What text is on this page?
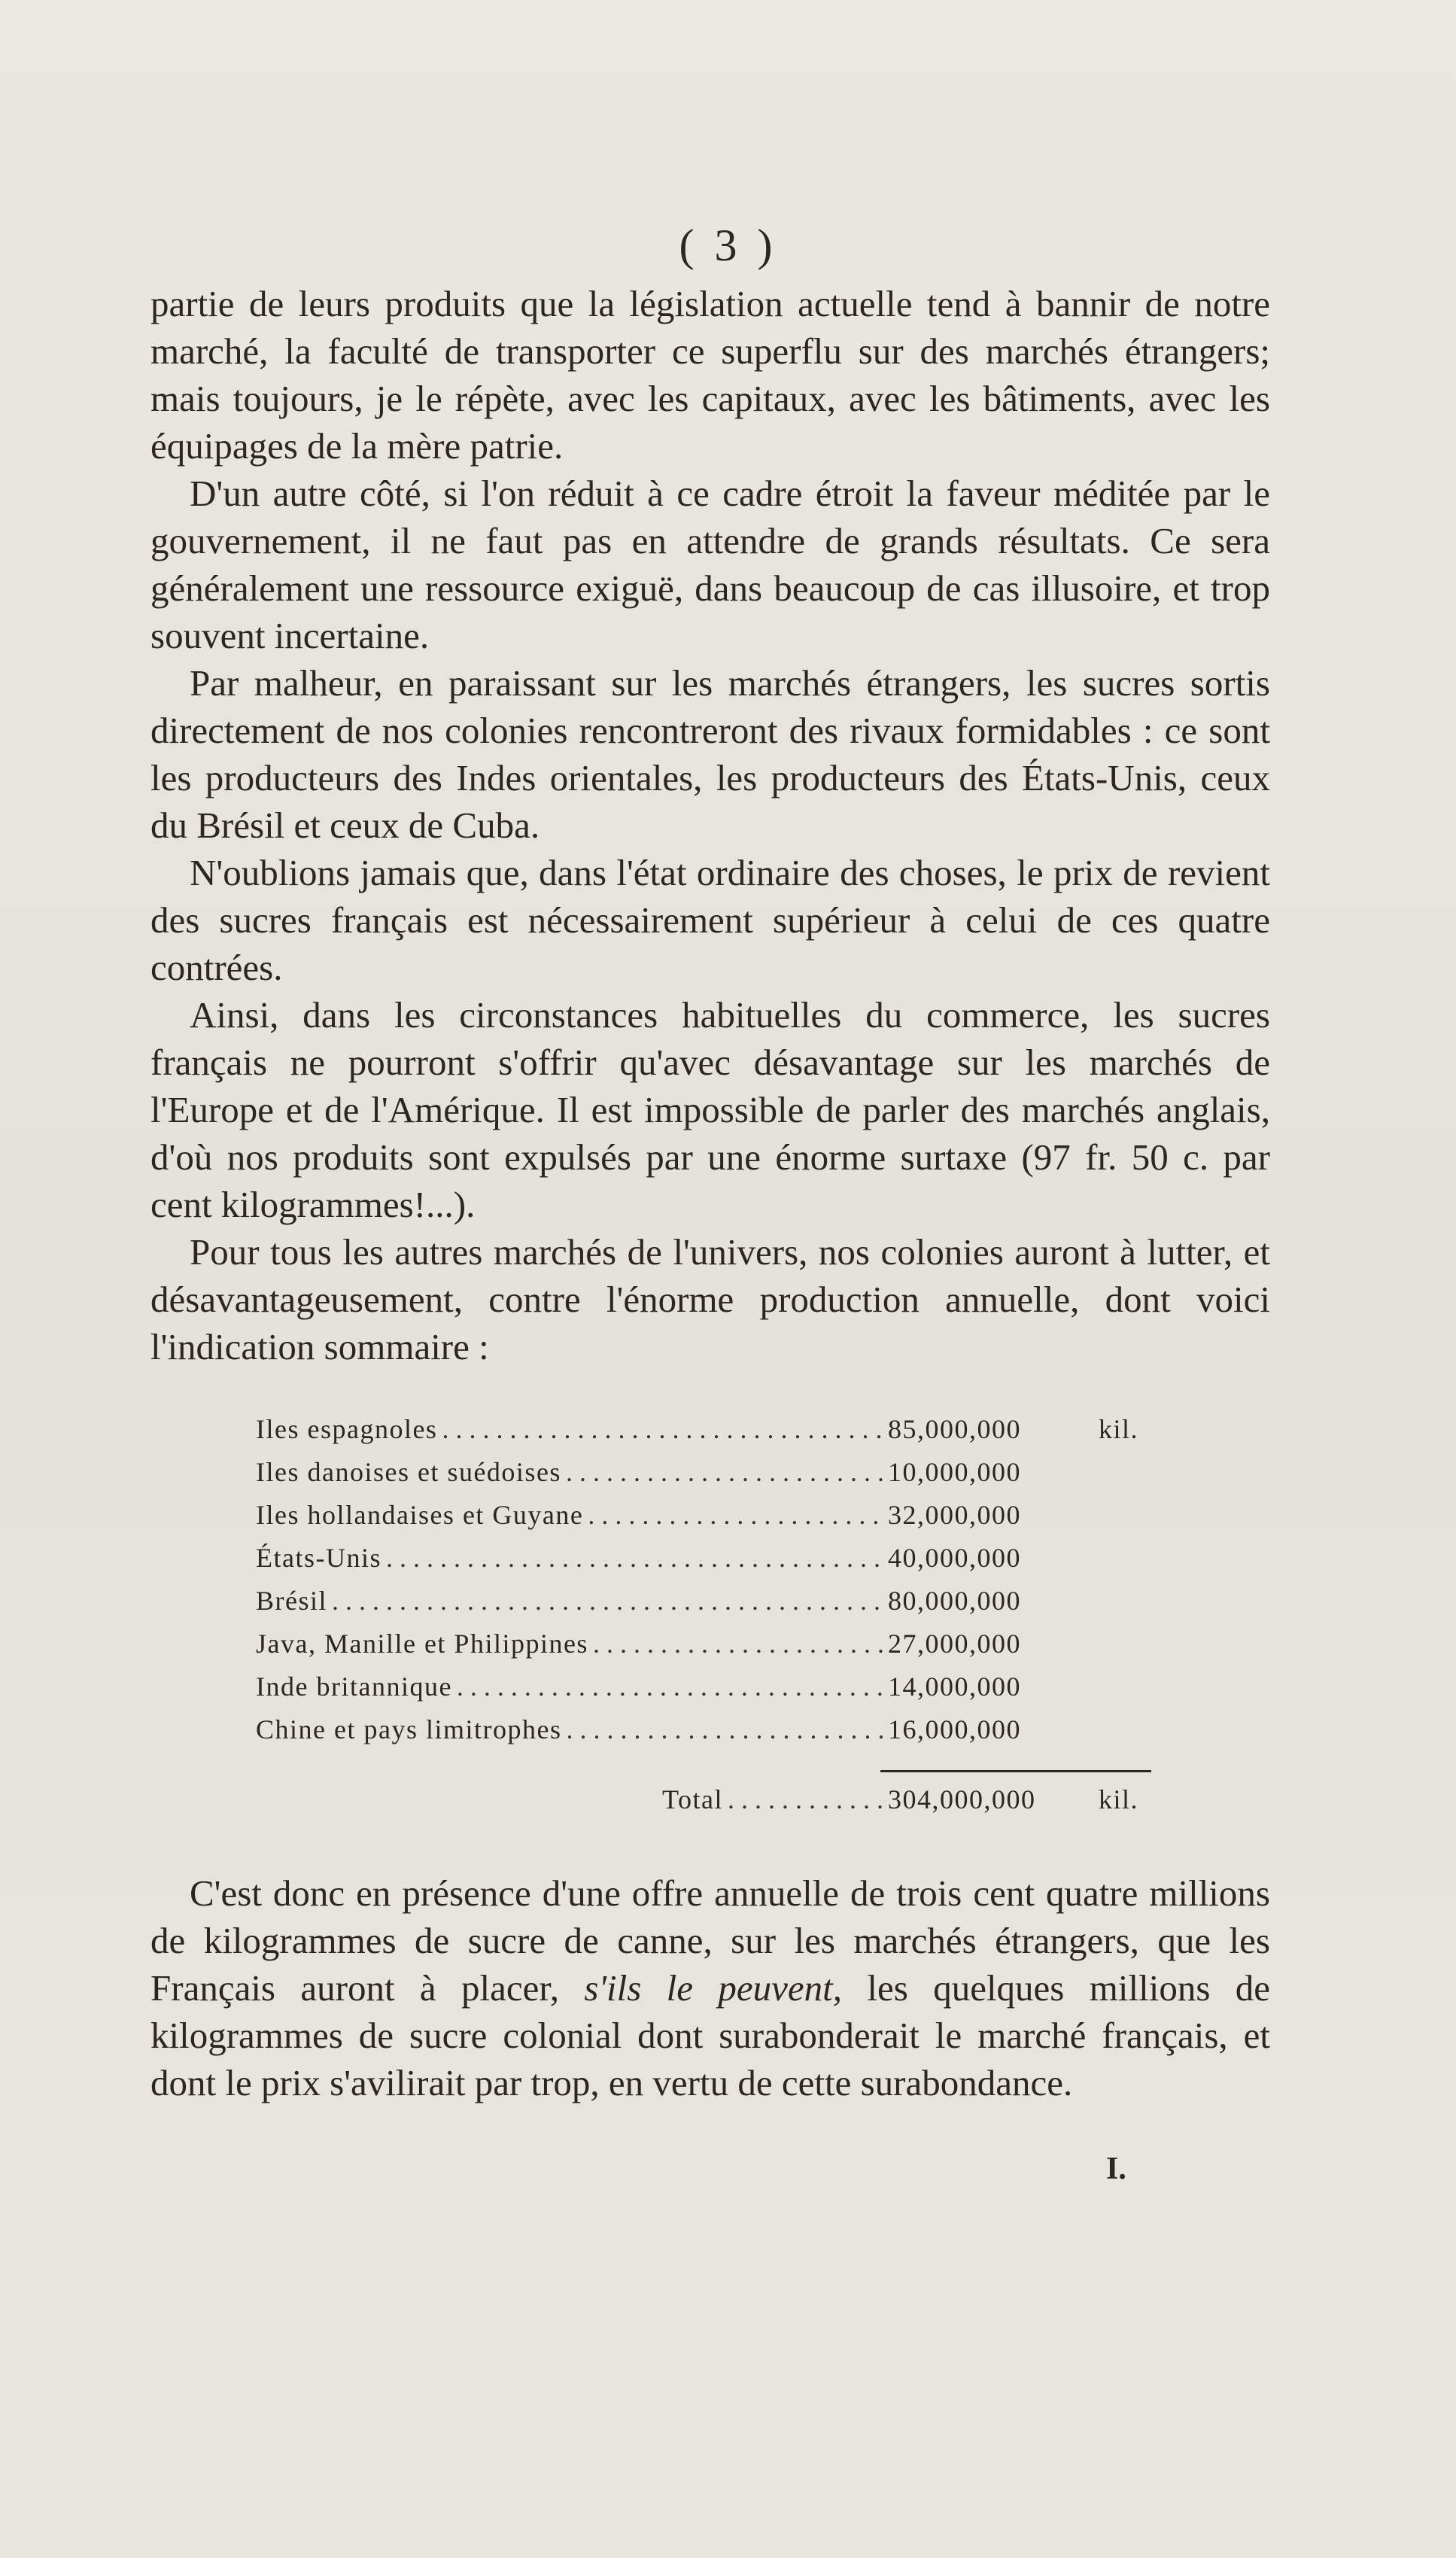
( 3 )

partie de leurs produits que la législation actuelle tend à bannir de notre marché, la faculté de transporter ce superflu sur des marchés étrangers; mais toujours, je le répète, avec les capitaux, avec les bâtiments, avec les équipages de la mère patrie.

D'un autre côté, si l'on réduit à ce cadre étroit la faveur méditée par le gouvernement, il ne faut pas en attendre de grands résultats. Ce sera généralement une ressource exiguë, dans beaucoup de cas illusoire, et trop souvent incertaine.

Par malheur, en paraissant sur les marchés étrangers, les sucres sortis directement de nos colonies rencontreront des rivaux formidables : ce sont les producteurs des Indes orientales, les producteurs des États-Unis, ceux du Brésil et ceux de Cuba.

N'oublions jamais que, dans l'état ordinaire des choses, le prix de revient des sucres français est nécessairement supérieur à celui de ces quatre contrées.

Ainsi, dans les circonstances habituelles du commerce, les sucres français ne pourront s'offrir qu'avec désavantage sur les marchés de l'Europe et de l'Amérique. Il est impossible de parler des marchés anglais, d'où nos produits sont expulsés par une énorme surtaxe (97 fr. 50 c. par cent kilogrammes!...).

Pour tous les autres marchés de l'univers, nos colonies auront à lutter, et désavantageusement, contre l'énorme production annuelle, dont voici l'indication sommaire :

Iles espagnoles . . .	85,000,000	kil.
Iles danoises et suédoises . . .	10,000,000
Iles hollandaises et Guyane . . .	32,000,000
États-Unis . . .	40,000,000
Brésil . . .	80,000,000
Java, Manille et Philippines . . .	27,000,000
Inde britannique . . .	14,000,000
Chine et pays limitrophes . . .	16,000,000
Total . . .	304,000,000	kil.

C'est donc en présence d'une offre annuelle de trois cent quatre millions de kilogrammes de sucre de canne, sur les marchés étrangers, que les Français auront à placer, s'ils le peuvent, les quelques millions de kilogrammes de sucre colonial dont surabonderait le marché français, et dont le prix s'avilirait par trop, en vertu de cette surabondance.

I.
